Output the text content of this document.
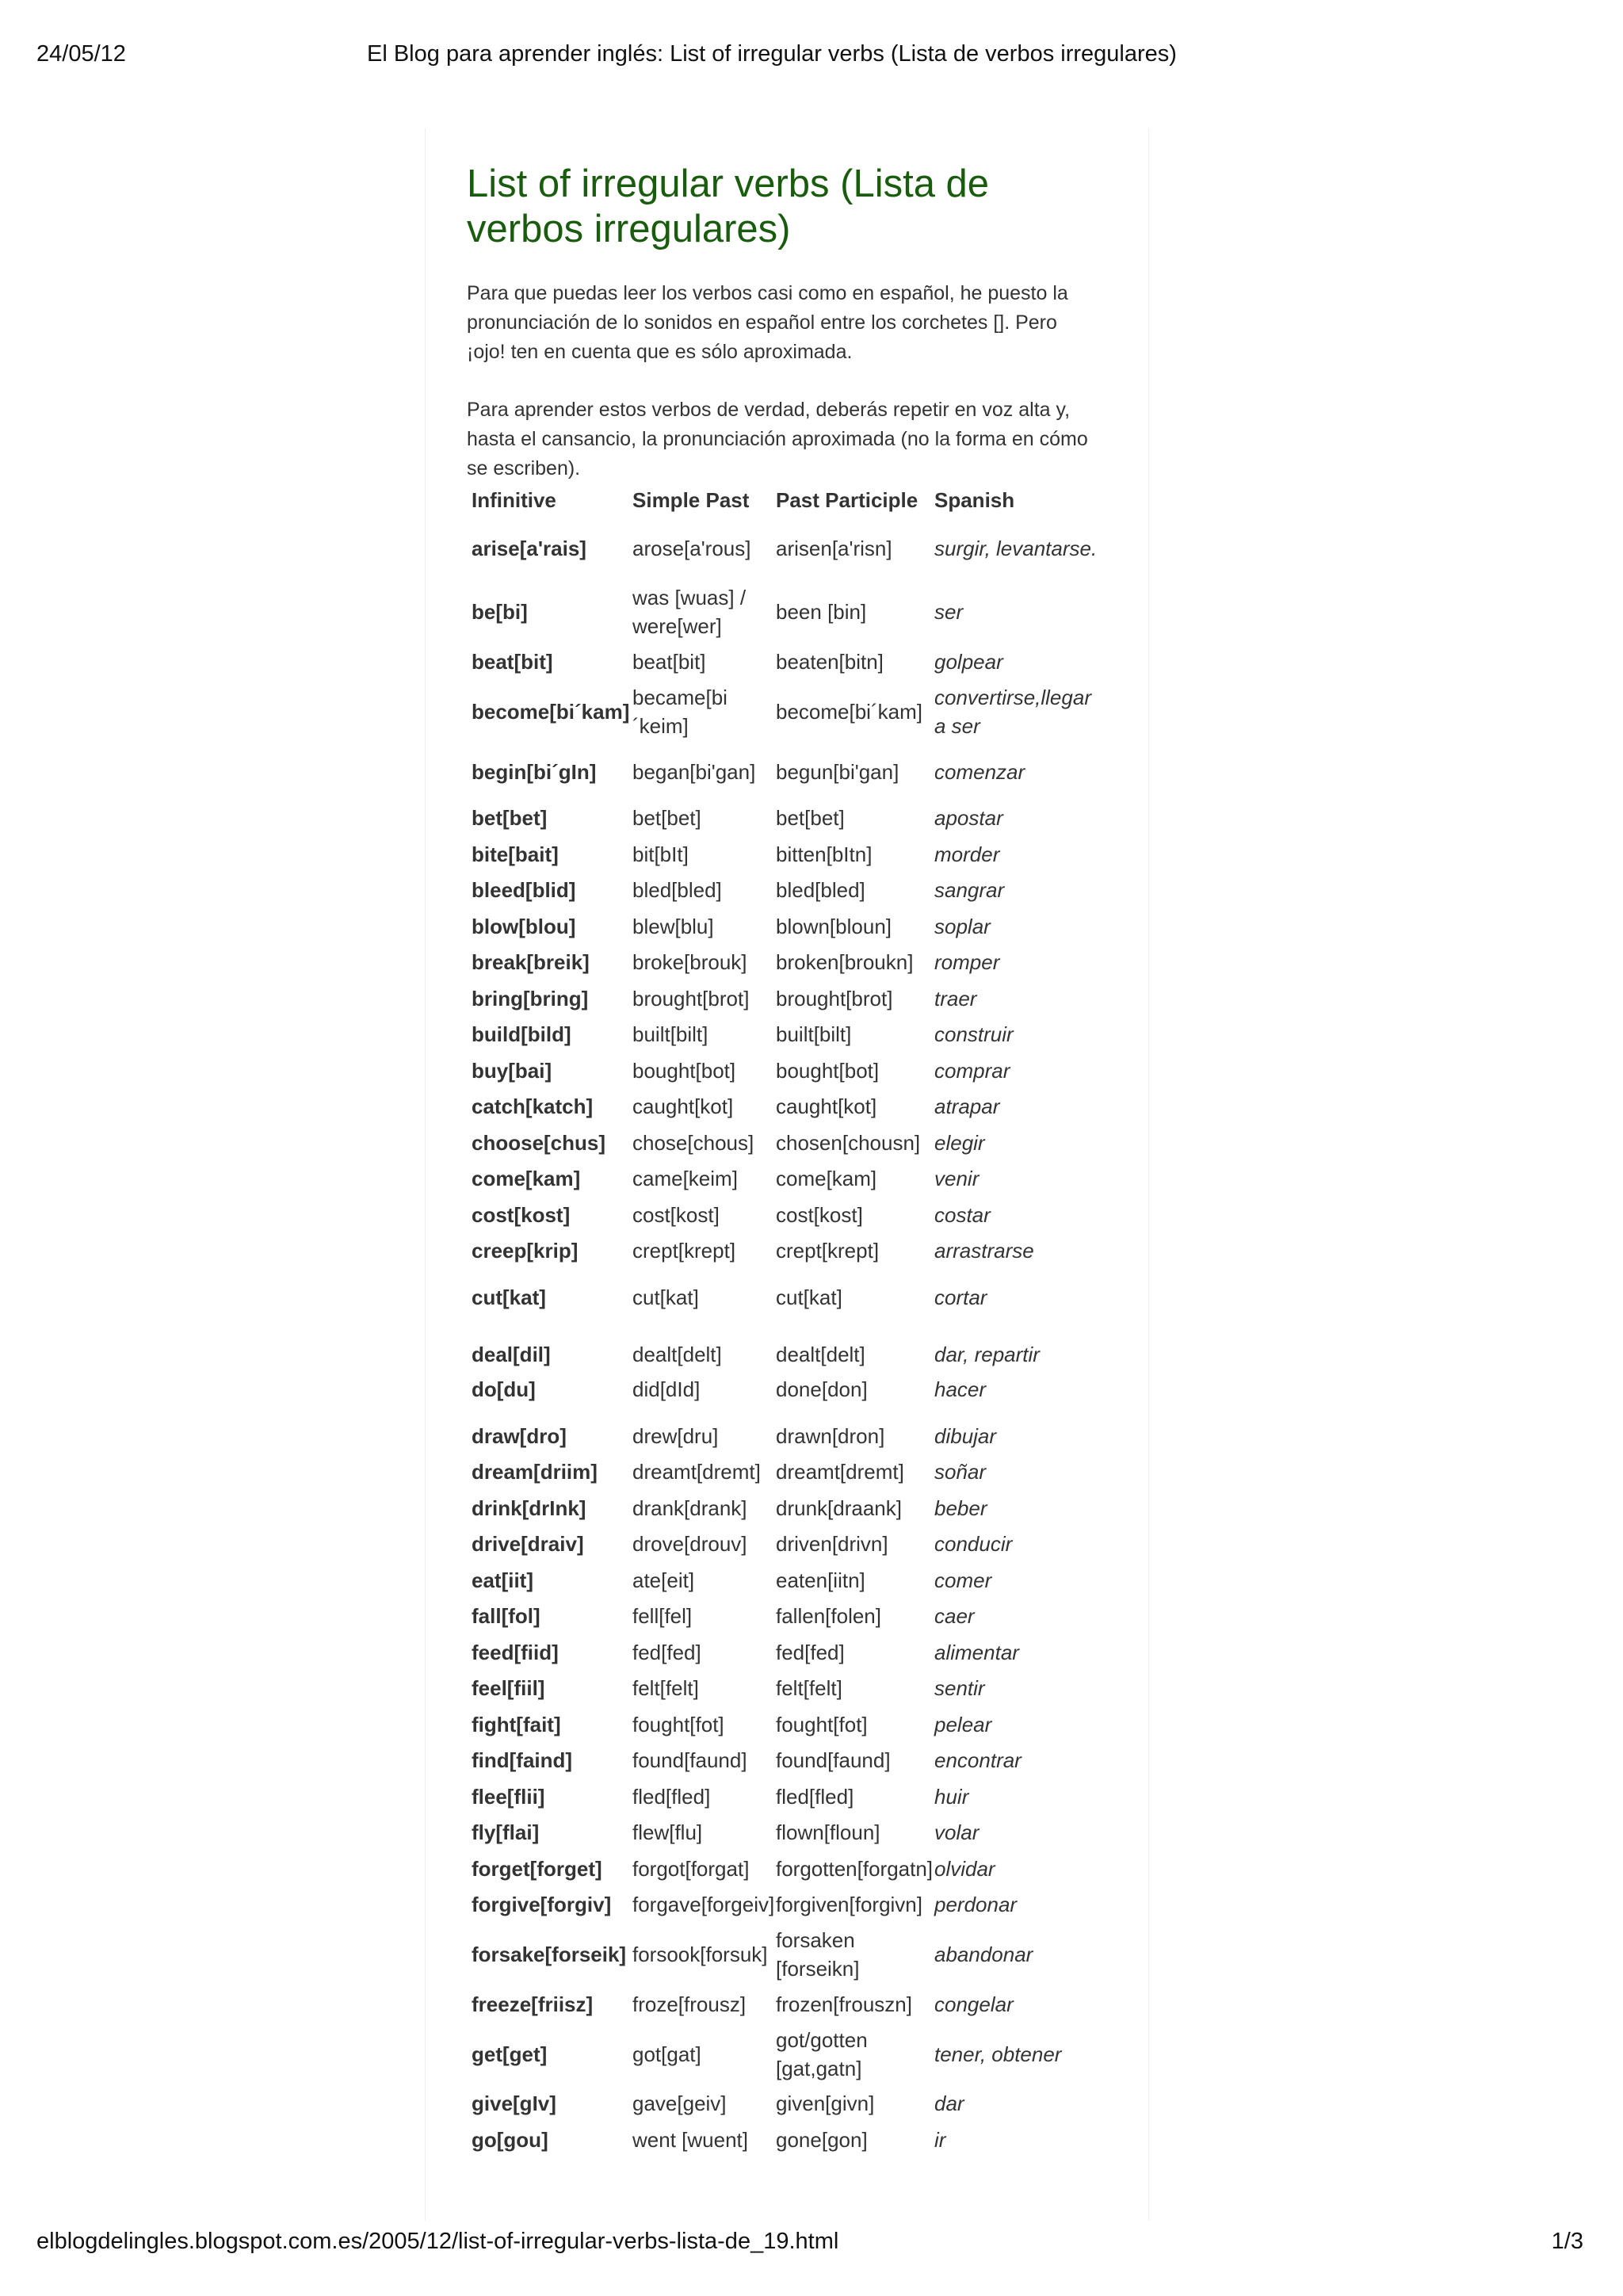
24/05/12	El Blog para aprender inglés: List of irregular verbs (Lista de verbos irregulares)
List of irregular verbs (Lista de verbos irregulares)

Para que puedas leer los verbos casi como en español, he puesto la pronunciación de lo sonidos en español entre los corchetes []. Pero ¡ojo! ten en cuenta que es sólo aproximada.

Para aprender estos verbos de verdad, deberás repetir en voz alta y, hasta el cansancio, la pronunciación aproximada (no la forma en cómo se escriben).

Infinitive	Simple Past	Past Participle	Spanish
arise[a'rais]	arose[a'rous]	arisen[a'risn]	surgir, levantarse.
be[bi]	was [wuas] / were[wer]	been [bin]	ser
beat[bit]	beat[bit]	beaten[bitn]	golpear
become[bi´kam]	became[bi´keim]	become[bi´kam]	convertirse,llegar a ser
begin[bi´gIn]	began[bi'gan]	begun[bi'gan]	comenzar
bet[bet]	bet[bet]	bet[bet]	apostar
bite[bait]	bit[bIt]	bitten[bItn]	morder
bleed[blid]	bled[bled]	bled[bled]	sangrar
blow[blou]	blew[blu]	blown[bloun]	soplar
break[breik]	broke[brouk]	broken[broukn]	romper
bring[bring]	brought[brot]	brought[brot]	traer
build[bild]	built[bilt]	built[bilt]	construir
buy[bai]	bought[bot]	bought[bot]	comprar
catch[katch]	caught[kot]	caught[kot]	atrapar
choose[chus]	chose[chous]	chosen[chousn]	elegir
come[kam]	came[keim]	come[kam]	venir
cost[kost]	cost[kost]	cost[kost]	costar
creep[krip]	crept[krept]	crept[krept]	arrastrarse
cut[kat]	cut[kat]	cut[kat]	cortar
deal[dil]	dealt[delt]	dealt[delt]	dar, repartir

do[du]	did[dId]	done[don]	hacer

draw[dro]	drew[dru]	drawn[dron]	dibujar
dream[driim]	dreamt[dremt]	dreamt[dremt]	soñar
drink[drInk]	drank[drank]	drunk[draank]	beber
drive[draiv]	drove[drouv]	driven[drivn]	conducir
eat[iit]	ate[eit]	eaten[iitn]	comer
fall[fol]	fell[fel]	fallen[folen]	caer
feed[fiid]	fed[fed]	fed[fed]	alimentar
feel[fiil]	felt[felt]	felt[felt]	sentir
fight[fait]	fought[fot]	fought[fot]	pelear
find[faind]	found[faund]	found[faund]	encontrar
flee[flii]	fled[fled]	fled[fled]	huir
fly[flai]	flew[flu]	flown[floun]	volar
forget[forget]	forgot[forgat]	forgotten[forgatn]	olvidar
forgive[forgiv]	forgave[forgeiv]	forgiven[forgivn]	perdonar
forsake[forseik]	forsook[forsuk]	forsaken [forseikn]	abandonar
freeze[friisz]	froze[frousz]	frozen[frouszn]	congelar
get[get]	got[gat]	got/gotten [gat,gatn]	tener, obtener
give[gIv]	gave[geiv]	given[givn]	dar
go[gou]	went [wuent]	gone[gon]	ir
elblogdelingles.blogspot.com.es/2005/12/list-of-irregular-verbs-lista-de_19.html	1/3
